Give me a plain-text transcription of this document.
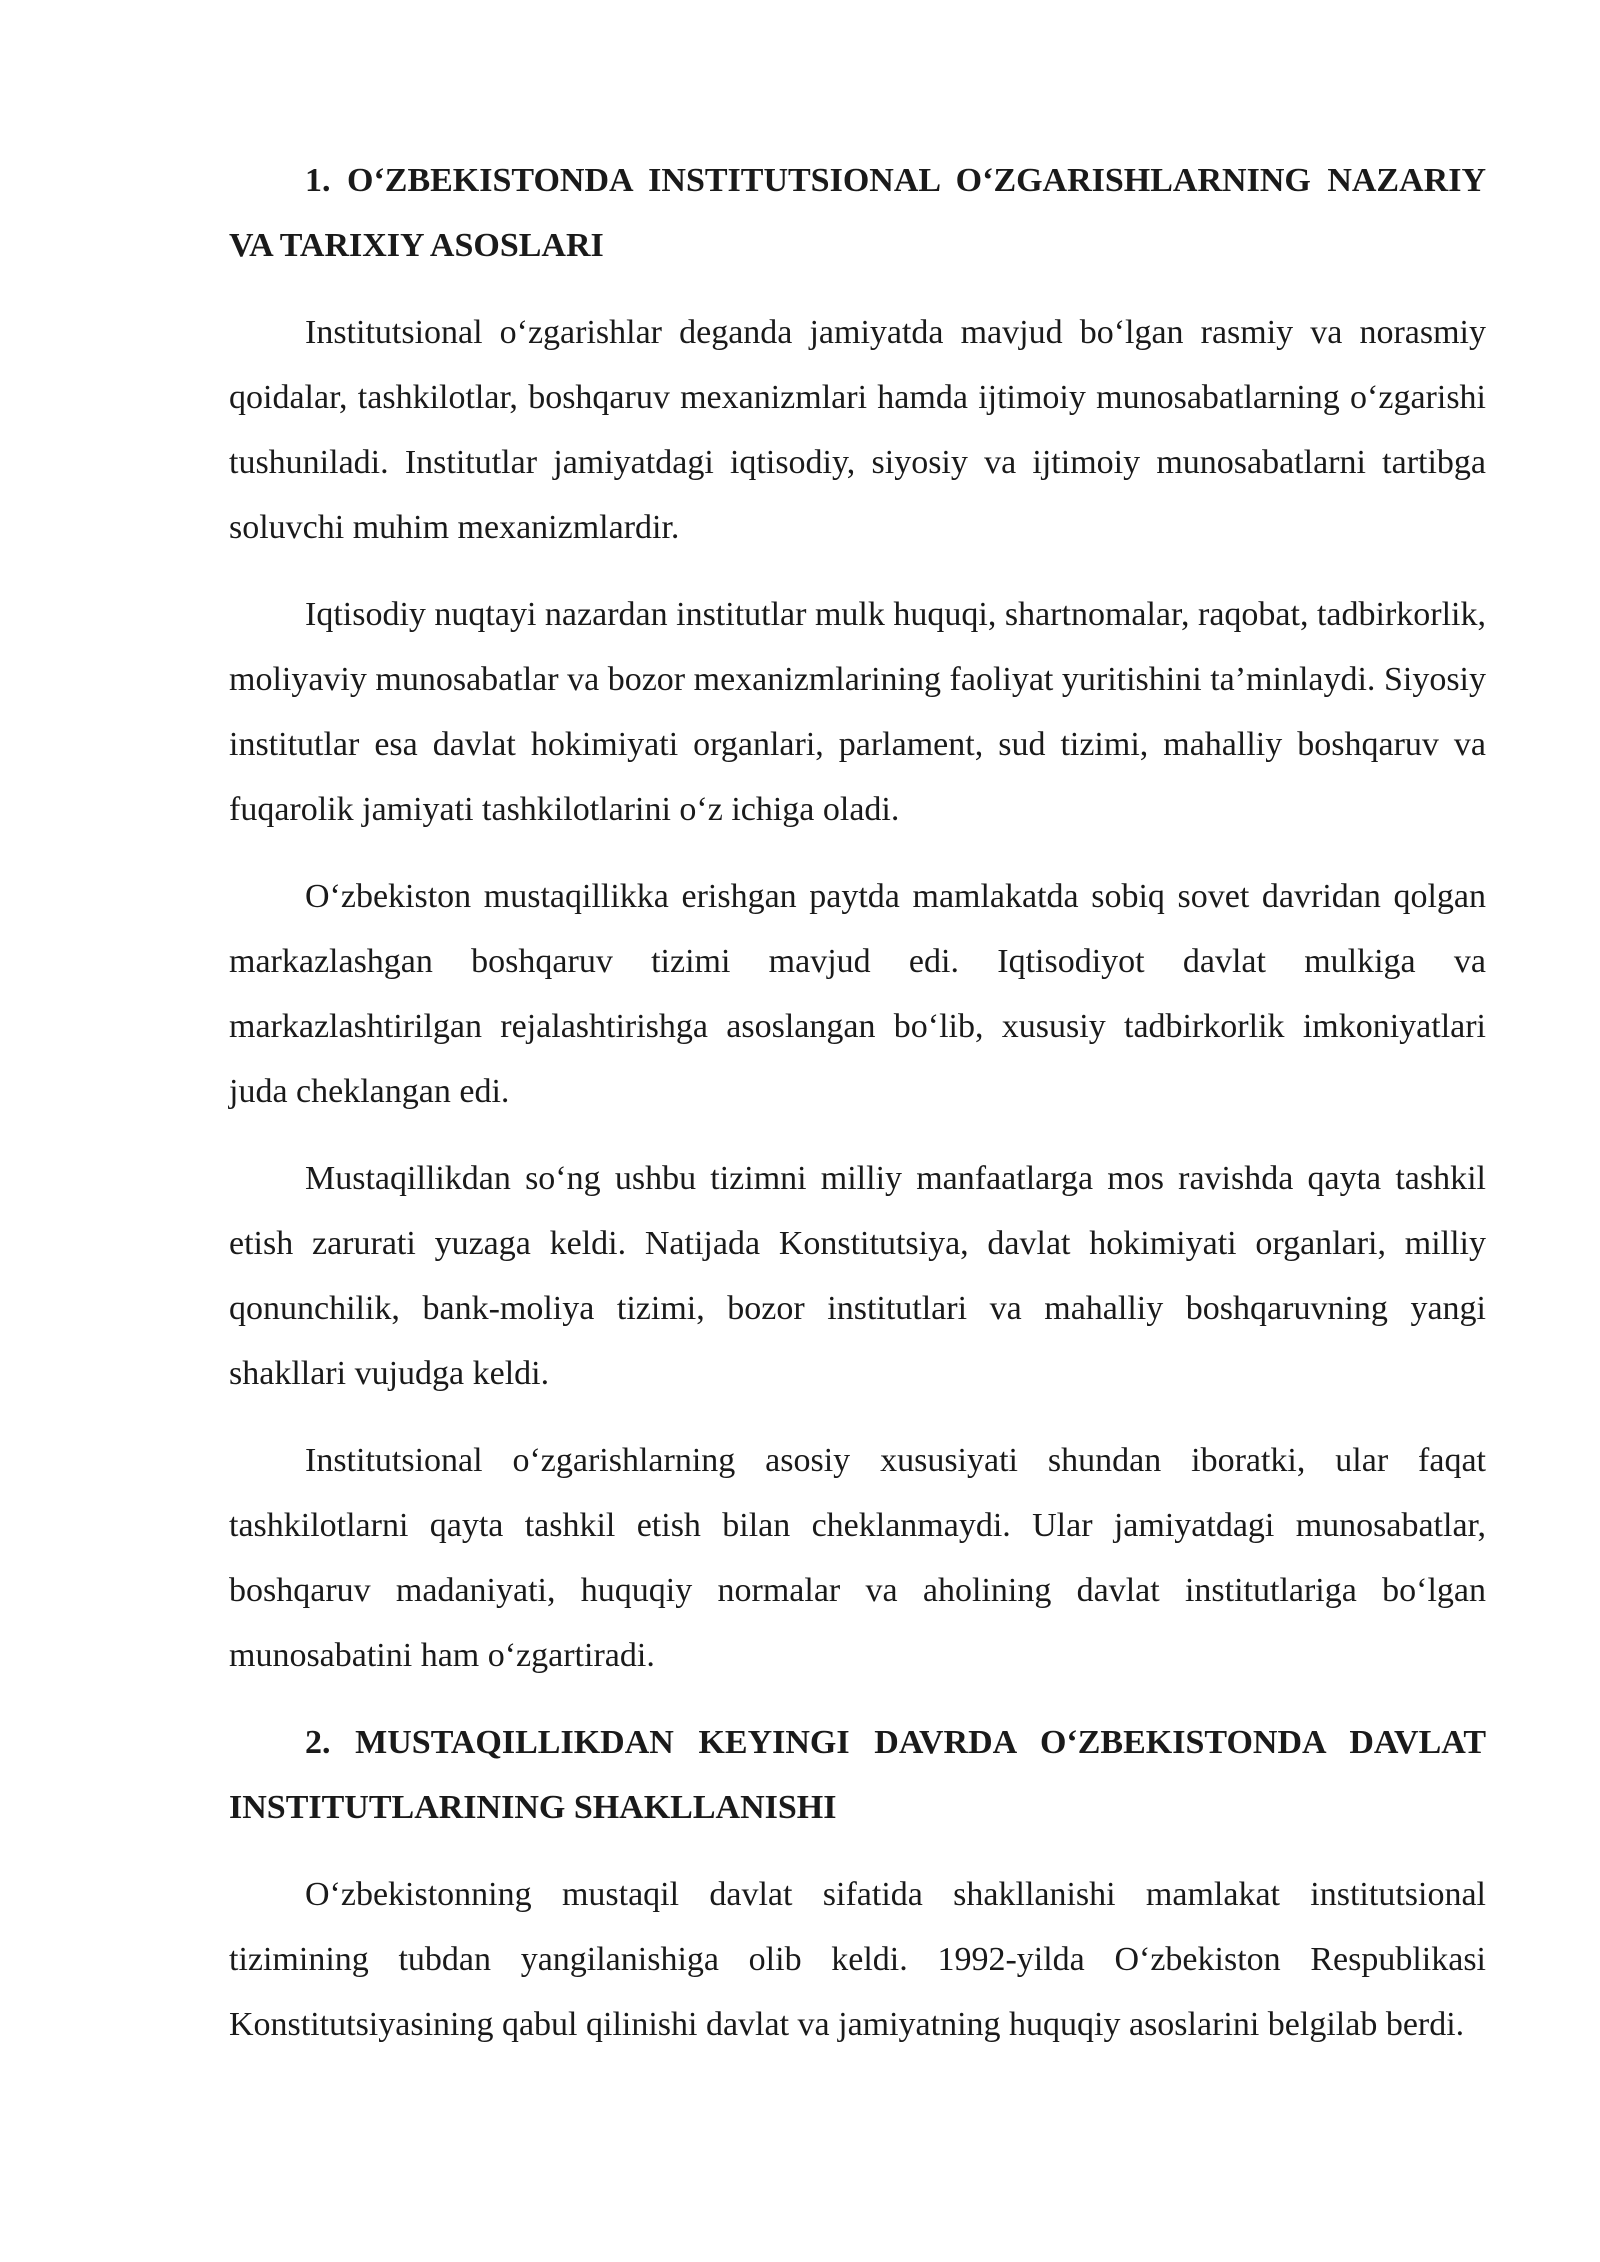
1. O‘ZBEKISTONDA INSTITUTSIONAL O‘ZGARISHLARNING NAZARIY VA TARIXIY ASOSLARI

Institutsional o‘zgarishlar deganda jamiyatda mavjud bo‘lgan rasmiy va norasmiy qoidalar, tashkilotlar, boshqaruv mexanizmlari hamda ijtimoiy munosabatlarning o‘zgarishi tushuniladi. Institutlar jamiyatdagi iqtisodiy, siyosiy va ijtimoiy munosabatlarni tartibga soluvchi muhim mexanizmlardir.

Iqtisodiy nuqtayi nazardan institutlar mulk huquqi, shartnomalar, raqobat, tadbirkorlik, moliyaviy munosabatlar va bozor mexanizmlarining faoliyat yuritishini ta’minlaydi. Siyosiy institutlar esa davlat hokimiyati organlari, parlament, sud tizimi, mahalliy boshqaruv va fuqarolik jamiyati tashkilotlarini o‘z ichiga oladi.

O‘zbekiston mustaqillikka erishgan paytda mamlakatda sobiq sovet davridan qolgan markazlashgan boshqaruv tizimi mavjud edi. Iqtisodiyot davlat mulkiga va markazlashtirilgan rejalashtirishga asoslangan bo‘lib, xususiy tadbirkorlik imkoniyatlari juda cheklangan edi.

Mustaqillikdan so‘ng ushbu tizimni milliy manfaatlarga mos ravishda qayta tashkil etish zarurati yuzaga keldi. Natijada Konstitutsiya, davlat hokimiyati organlari, milliy qonunchilik, bank-moliya tizimi, bozor institutlari va mahalliy boshqaruvning yangi shakllari vujudga keldi.

Institutsional o‘zgarishlarning asosiy xususiyati shundan iboratki, ular faqat tashkilotlarni qayta tashkil etish bilan cheklanmaydi. Ular jamiyatdagi munosabatlar, boshqaruv madaniyati, huquqiy normalar va aholining davlat institutlariga bo‘lgan munosabatini ham o‘zgartiradi.

2. MUSTAQILLIKDAN KEYINGI DAVRDA O‘ZBEKISTONDA DAVLAT INSTITUTLARINING SHAKLLANISHI

O‘zbekistonning mustaqil davlat sifatida shakllanishi mamlakat institutsional tizimining tubdan yangilanishiga olib keldi. 1992-yilda O‘zbekiston Respublikasi Konstitutsiyasining qabul qilinishi davlat va jamiyatning huquqiy asoslarini belgilab berdi.
